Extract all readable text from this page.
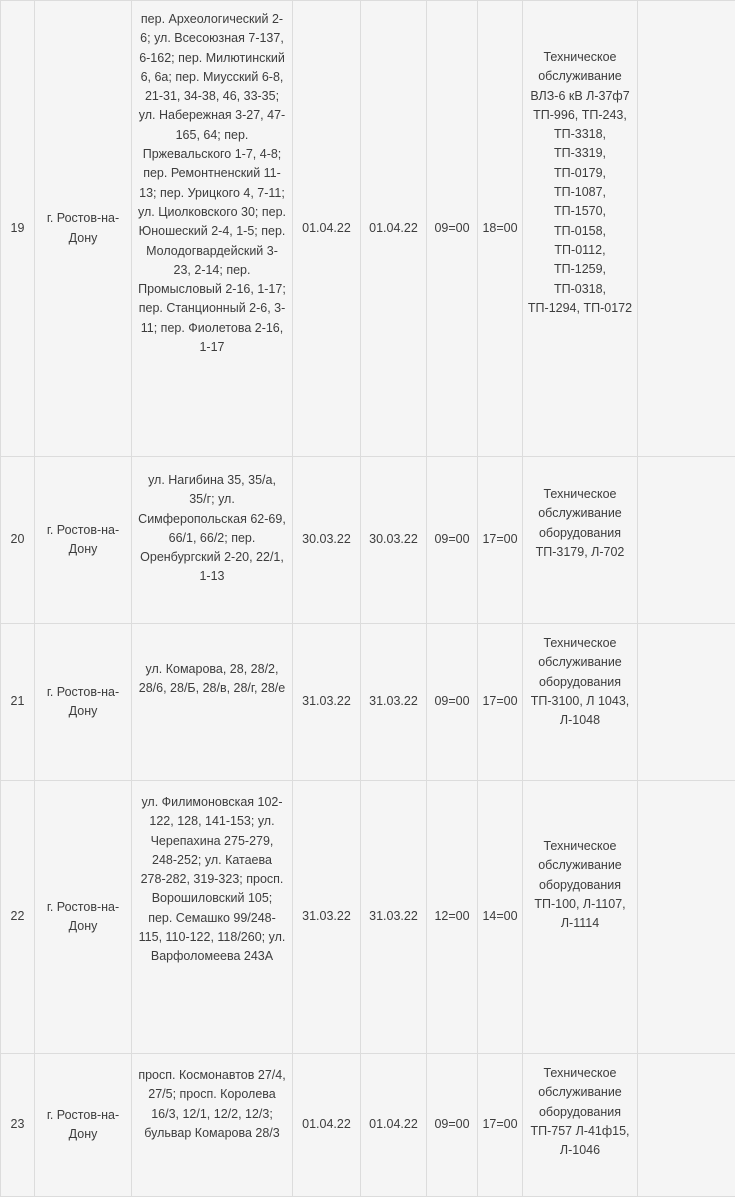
19	г. Ростов-на-Дону	пер. Археологический 2-6; ул. Всесоюзная 7-137, 6-162; пер. Милютинский 6, 6а; пер. Миусский 6-8, 21-31, 34-38, 46, 33-35; ул. Набережная 3-27, 47-165, 64; пер. Пржевальского 1-7, 4-8; пер. Ремонтненский 11-13; пер. Урицкого 4, 7-11; ул. Циолковского 30; пер. Юношеский 2-4, 1-5; пер. Молодогвардейский 3-23, 2-14; пер. Промысловый 2-16, 1-17; пер. Станционный 2-6, 3-11; пер. Фиолетова 2-16, 1-17	01.04.22	01.04.22	09=00	18=00	Техническое обслуживание ВЛЗ-6 кВ Л-37ф7 ТП-996, ТП-243, ТП-3318, ТП-3319, ТП-0179, ТП-1087, ТП-1570, ТП-0158, ТП-0112, ТП-1259, ТП-0318, ТП-1294, ТП-0172	
20	г. Ростов-на-Дону	ул. Нагибина 35, 35/а, 35/г; ул. Симферопольская 62-69, 66/1, 66/2; пер. Оренбургский 2-20, 22/1, 1-13	30.03.22	30.03.22	09=00	17=00	Техническое обслуживание оборудования ТП-3179, Л-702	
21	г. Ростов-на-Дону	ул. Комарова, 28, 28/2, 28/6, 28/Б, 28/в, 28/г, 28/е	31.03.22	31.03.22	09=00	17=00	Техническое обслуживание оборудования ТП-3100, Л 1043, Л-1048	
22	г. Ростов-на-Дону	ул. Филимоновская 102-122, 128, 141-153; ул. Черепахина 275-279, 248-252; ул. Катаева 278-282, 319-323; просп. Ворошиловский 105; пер. Семашко 99/248-115, 110-122, 118/260; ул. Варфоломеева 243А	31.03.22	31.03.22	12=00	14=00	Техническое обслуживание оборудования ТП-100, Л-1107, Л-1114	
23	г. Ростов-на-Дону	просп. Космонавтов 27/4, 27/5; просп. Королева 16/3, 12/1, 12/2, 12/3; бульвар Комарова 28/3	01.04.22	01.04.22	09=00	17=00	Техническое обслуживание оборудования ТП-757 Л-41ф15, Л-1046	
